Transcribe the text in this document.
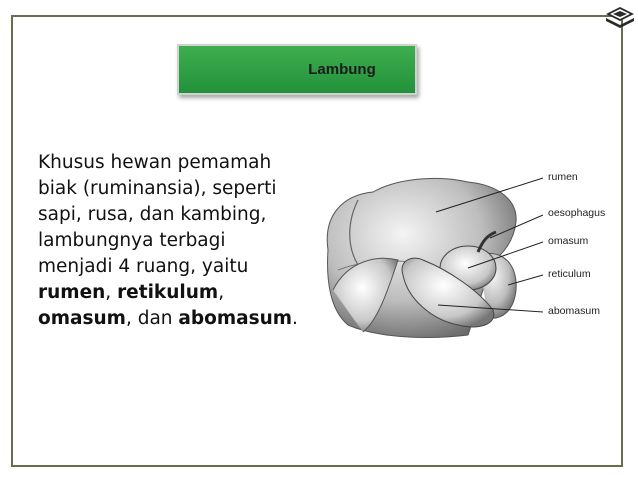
Lambung
Khusus hewan pemamah
biak (ruminansia), seperti
sapi, rusa, dan kambing,
lambungnya terbagi
menjadi 4 ruang, yaitu
rumen, retikulum,
omasum, dan abomasum.
rumen
oesophagus
omasum
reticulum
abomasum
